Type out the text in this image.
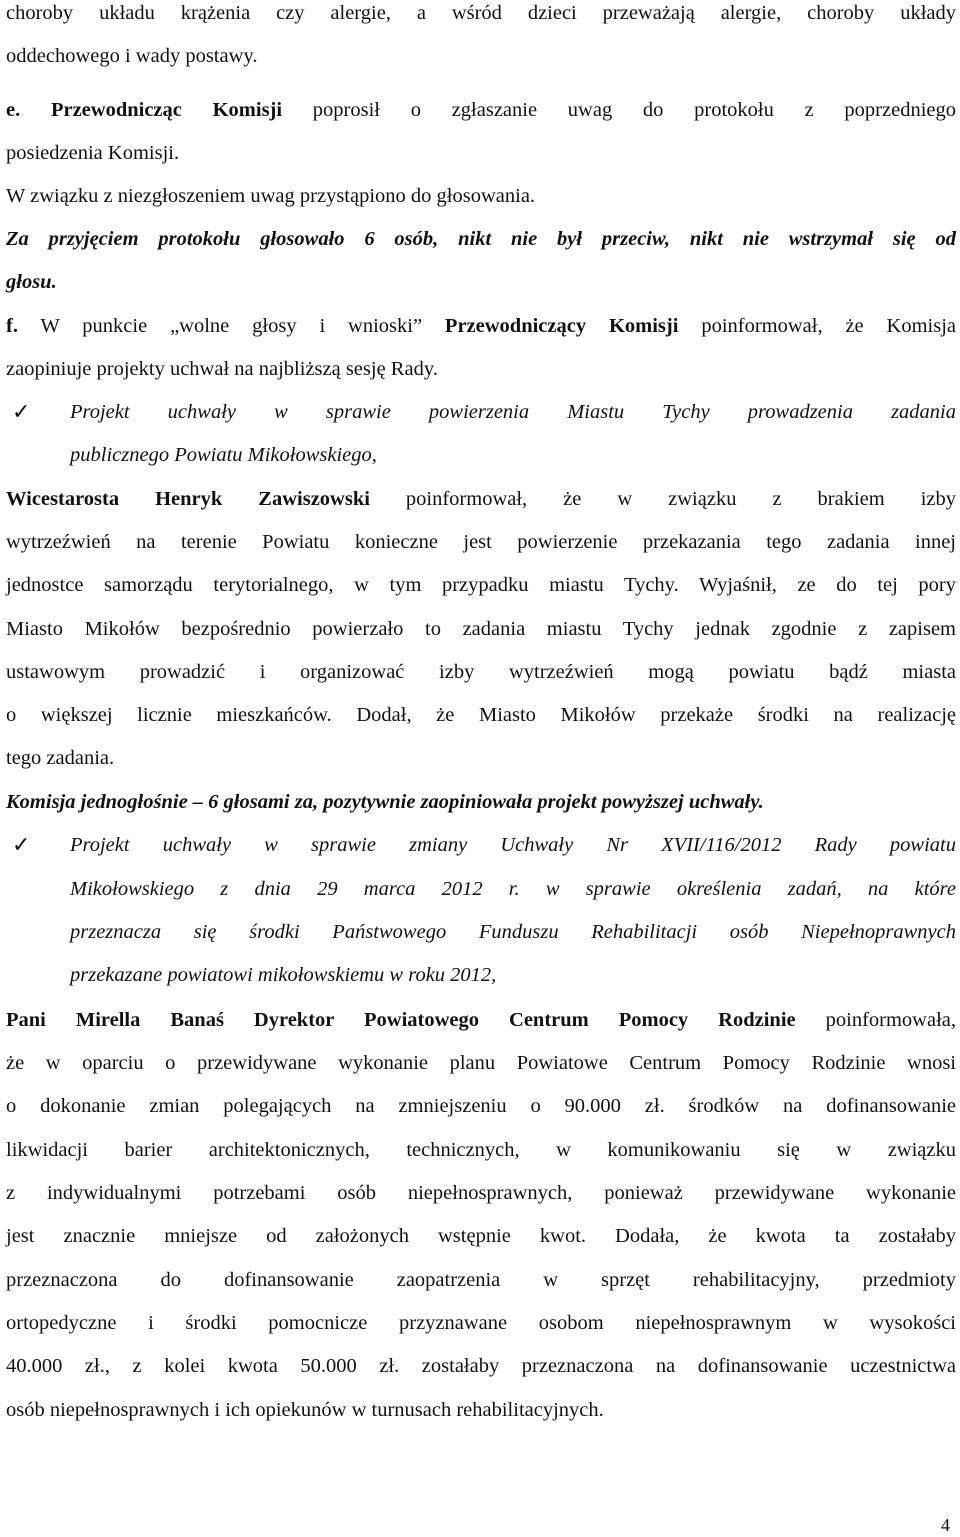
choroby układu krążenia czy alergie, a wśród dzieci przeważają alergie, choroby układy
oddechowego i wady postawy.
e. Przewodnicząc Komisji poprosił o zgłaszanie uwag do protokołu z poprzedniego
posiedzenia Komisji.
W związku z niezgłoszeniem uwag przystąpiono do głosowania.
Za przyjęciem protokołu głosowało 6 osób, nikt nie był przeciw, nikt nie wstrzymał się od
głosu.
f. W punkcie „wolne głosy i wnioski” Przewodniczący Komisji poinformował, że Komisja
zaopiniuje projekty uchwał na najbliższą sesję Rady.
✓ Projekt uchwały w sprawie powierzenia Miastu Tychy prowadzenia zadania
publicznego Powiatu Mikołowskiego,
Wicestarosta Henryk Zawiszowski poinformował, że w związku z brakiem izby
wytrzeźwień na terenie Powiatu konieczne jest powierzenie przekazania tego zadania innej
jednostce samorządu terytorialnego, w tym przypadku miastu Tychy. Wyjaśnił, ze do tej pory
Miasto Mikołów bezpośrednio powierzało to zadania miastu Tychy jednak zgodnie z zapisem
ustawowym prowadzić i organizować izby wytrzeźwień mogą powiatu bądź miasta
o większej licznie mieszkańców. Dodał, że Miasto Mikołów przekaże środki na realizację
tego zadania.
Komisja jednogłośnie – 6 głosami za, pozytywnie zaopiniowała projekt powyższej uchwały.
✓ Projekt uchwały w sprawie zmiany Uchwały Nr XVII/116/2012 Rady powiatu
Mikołowskiego z dnia 29 marca 2012 r. w sprawie określenia zadań, na które
przeznacza się środki Państwowego Funduszu Rehabilitacji osób Niepełnoprawnych
przekazane powiatowi mikołowskiemu w roku 2012,
Pani Mirella Banaś Dyrektor Powiatowego Centrum Pomocy Rodzinie poinformowała,
że w oparciu o przewidywane wykonanie planu Powiatowe Centrum Pomocy Rodzinie wnosi
o dokonanie zmian polegających na zmniejszeniu o 90.000 zł. środków na dofinansowanie
likwidacji barier architektonicznych, technicznych, w komunikowaniu się w związku
z indywidualnymi potrzebami osób niepełnosprawnych, ponieważ przewidywane wykonanie
jest znacznie mniejsze od założonych wstępnie kwot. Dodała, że kwota ta zostałaby
przeznaczona do dofinansowanie zaopatrzenia w sprzęt rehabilitacyjny, przedmioty
ortopedyczne i środki pomocnicze przyznawane osobom niepełnosprawnym w wysokości
40.000 zł., z kolei kwota 50.000 zł. zostałaby przeznaczona na dofinansowanie uczestnictwa
osób niepełnosprawnych i ich opiekunów w turnusach rehabilitacyjnych.
4
